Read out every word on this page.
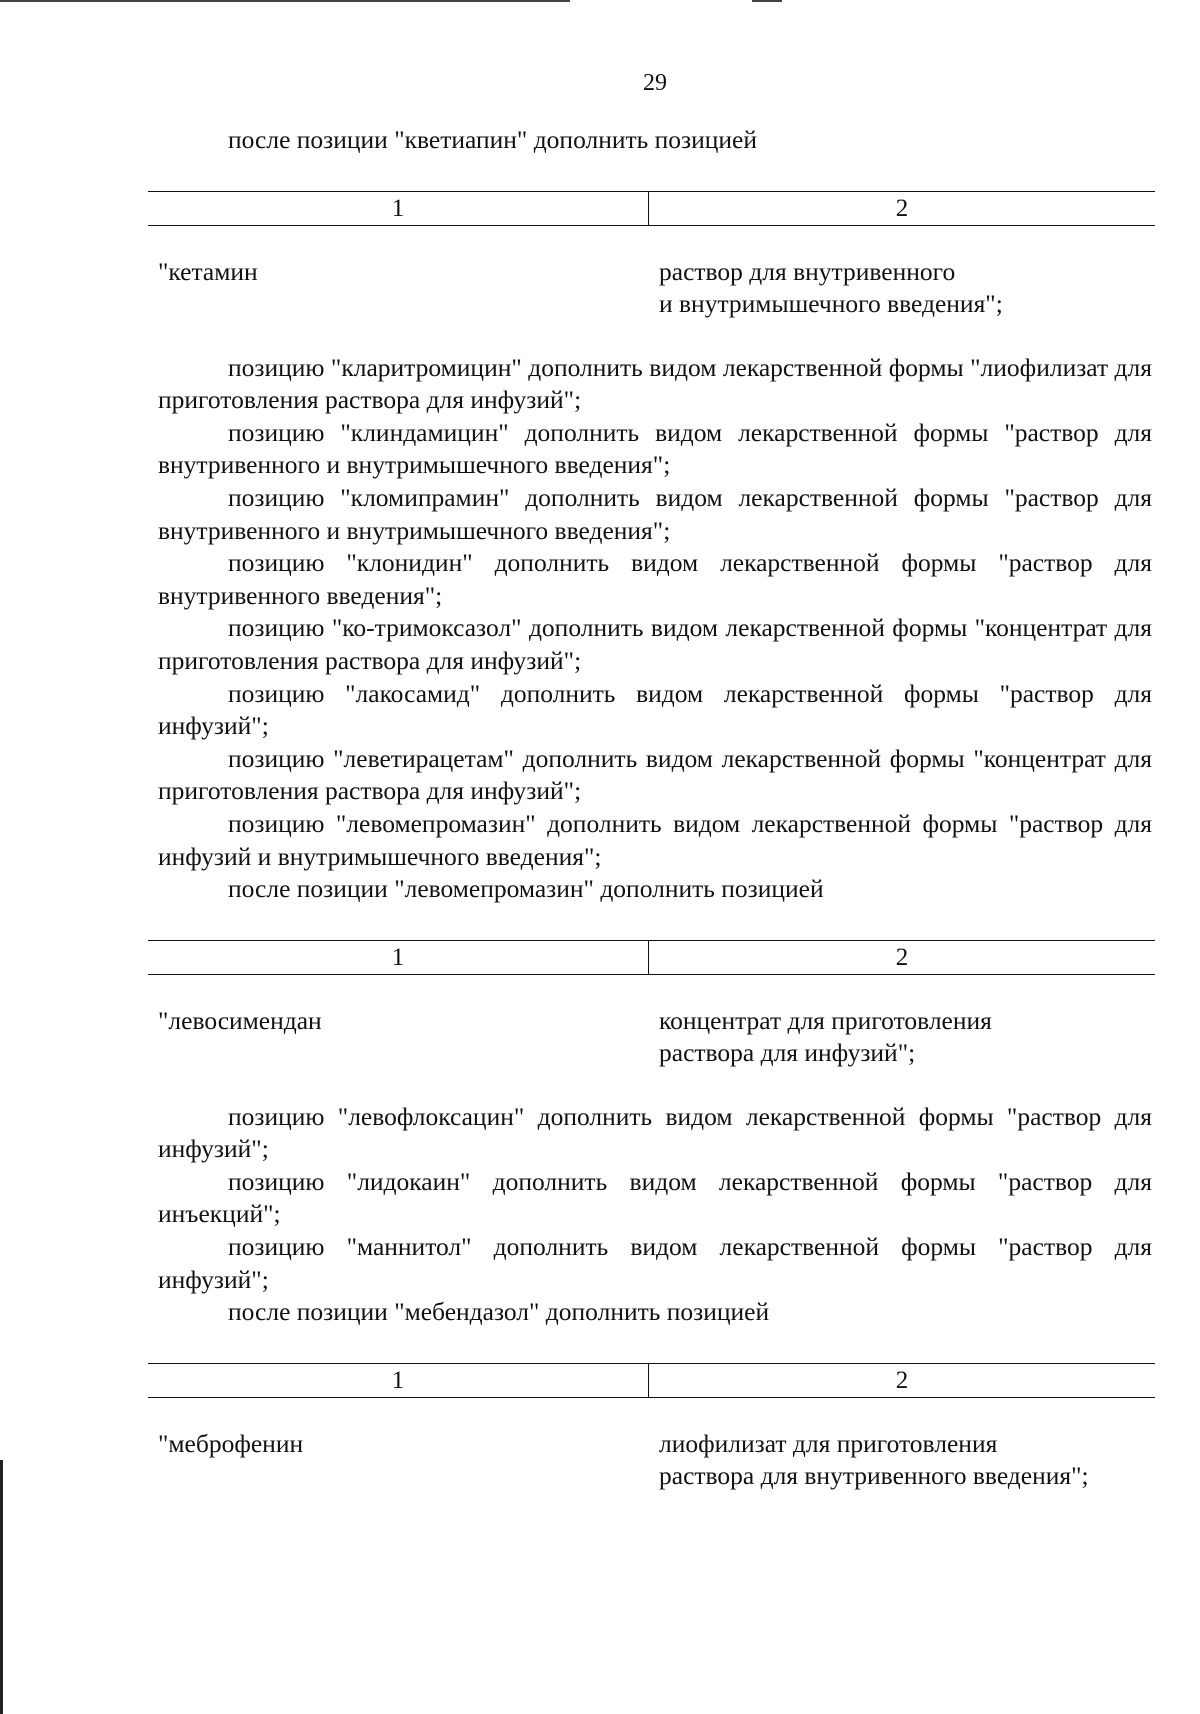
29

после позиции "кветиапин" дополнить позицией

1	2
"кетамин	раствор для внутривенного
и внутримышечного введения";

позицию "кларитромицин" дополнить видом лекарственной формы "лиофилизат для приготовления раствора для инфузий";

позицию "клиндамицин" дополнить видом лекарственной формы "раствор для внутривенного и внутримышечного введения";

позицию "кломипрамин" дополнить видом лекарственной формы "раствор для внутривенного и внутримышечного введения";

позицию "клонидин" дополнить видом лекарственной формы "раствор для внутривенного введения";

позицию "ко-тримоксазол" дополнить видом лекарственной формы "концентрат для приготовления раствора для инфузий";

позицию "лакосамид" дополнить видом лекарственной формы "раствор для инфузий";

позицию "леветирацетам" дополнить видом лекарственной формы "концентрат для приготовления раствора для инфузий";

позицию "левомепромазин" дополнить видом лекарственной формы "раствор для инфузий и внутримышечного введения";

после позиции "левомепромазин" дополнить позицией

1	2
"левосимендан	концентрат для приготовления
раствора для инфузий";

позицию "левофлоксацин" дополнить видом лекарственной формы "раствор для инфузий";

позицию "лидокаин" дополнить видом лекарственной формы "раствор для инъекций";

позицию "маннитол" дополнить видом лекарственной формы "раствор для инфузий";

после позиции "мебендазол" дополнить позицией

1	2
"меброфенин	лиофилизат для приготовления
раствора для внутривенного введения";
